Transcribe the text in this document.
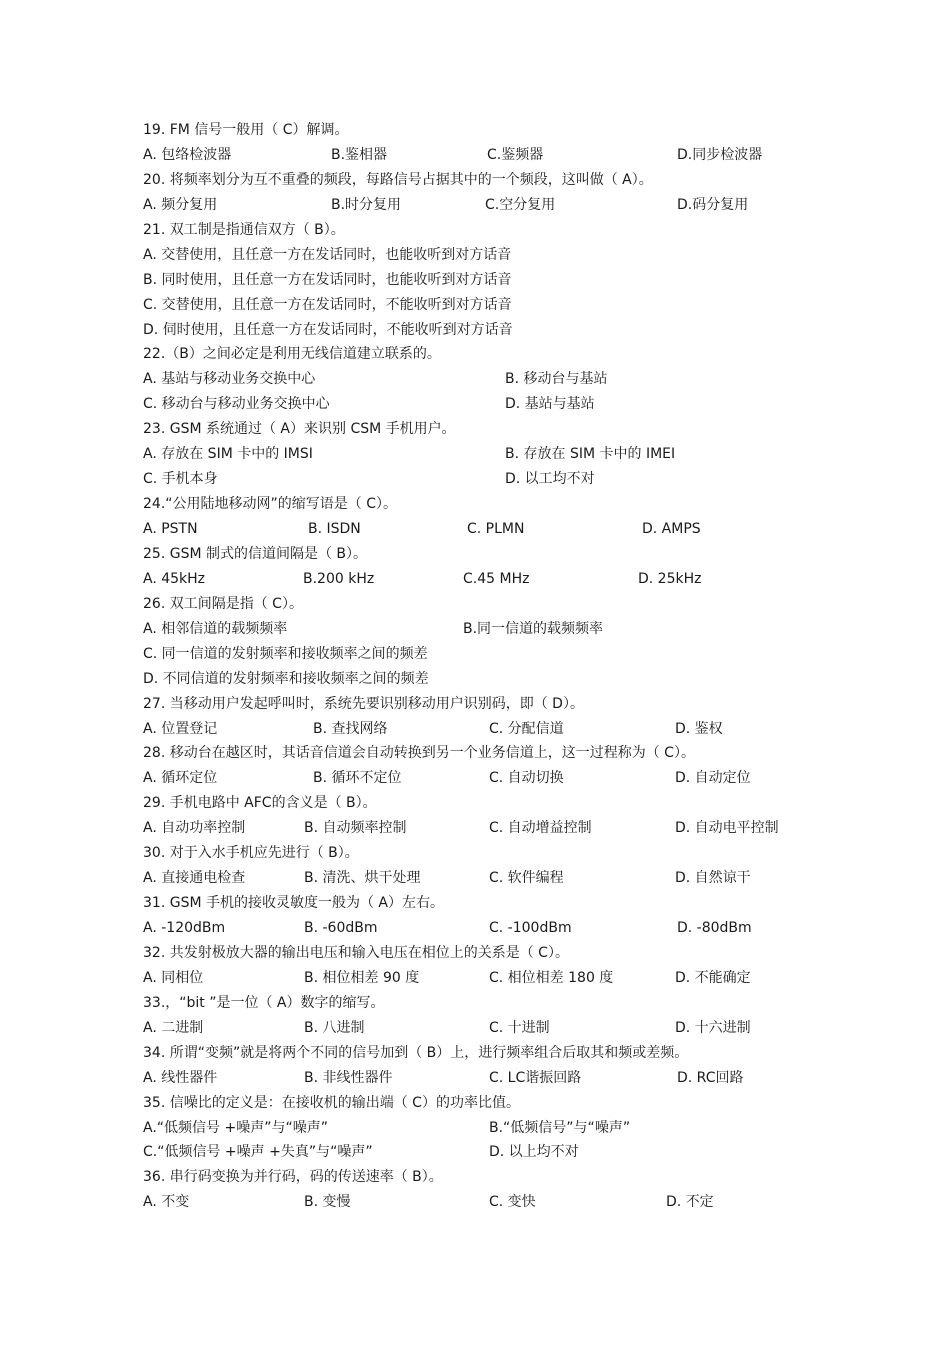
19. FM 信号一般用（ C）解调。
A. 包络检波器	B.鉴相器	C.鉴频器	D.同步检波器
20. 将频率划分为互不重叠的频段，每路信号占据其中的一个频段，这叫做（ A）。
A. 频分复用	B.时分复用	C.空分复用	D.码分复用
21. 双工制是指通信双方（ B）。
A. 交替使用，且任意一方在发话同时，也能收听到对方话音
B. 同时使用，且任意一方在发话同时，也能收听到对方话音
C. 交替使用，且任意一方在发话同时，不能收听到对方话音
D. 伺时使用，且任意一方在发话同时，不能收听到对方话音
22.（B）之间必定是利用无线信道建立联系的。
A. 基站与移动业务交换中心	B. 移动台与基站
C. 移动台与移动业务交换中心	D. 基站与基站
23. GSM 系统通过（ A）来识别 CSM 手机用户。
A. 存放在 SIM 卡中的 IMSI	B. 存放在 SIM 卡中的 IMEI
C. 手机本身	D. 以工均不对
24.“公用陆地移动网”的缩写语是（ C）。
A. PSTN	B. ISDN	C. PLMN	D. AMPS
25. GSM 制式的信道间隔是（ B）。
A. 45kHz	B.200 kHz	C.45 MHz	D. 25kHz
26. 双工间隔是指（ C）。
A. 相邻信道的载频频率	B.同一信道的载频频率
C. 同一信道的发射频率和接收频率之间的频差
D. 不同信道的发射频率和接收频率之间的频差
27. 当移动用户发起呼叫时，系统先要识别移动用户识别码，即（ D）。
A. 位置登记	B. 查找网络	C. 分配信道	D. 鉴权
28. 移动台在越区时，其话音信道会自动转换到另一个业务信道上，这一过程称为（ C）。
A. 循环定位	B. 循环不定位	C. 自动切换	D. 自动定位
29. 手机电路中 AFC的含义是（ B）。
A. 自动功率控制	B. 自动频率控制	C. 自动增益控制	D. 自动电平控制
30. 对于入水手机应先进行（ B）。
A. 直接通电检查	B. 清洗、烘干处理	C. 软件编程	D. 自然谅干
31. GSM 手机的接收灵敏度一般为（ A）左右。
A. -120dBm	B. -60dBm	C. -100dBm	D. -80dBm
32. 共发射极放大器的输出电压和输入电压在相位上的关系是（ C）。
A. 同相位	B. 相位相差 90 度	C. 相位相差 180 度	D. 不能确定
33.，“bit ”是一位（ A）数字的缩写。
A. 二进制	B. 八进制	C. 十进制	D. 十六进制
34. 所谓“变频”就是将两个不同的信号加到（ B）上，进行频率组合后取其和频或差频。
A. 线性器件	B. 非线性器件	C. LC谐振回路	D. RC回路
35. 信噪比的定义是：在接收机的输出端（ C）的功率比值。
A.“低频信号 +噪声”与“噪声”	B.“低频信号”与“噪声”
C.“低频信号 +噪声 +失真”与“噪声”	D. 以上均不对
36. 串行码变换为并行码，码的传送速率（ B）。
A. 不变	B. 变慢	C. 变快	D. 不定
